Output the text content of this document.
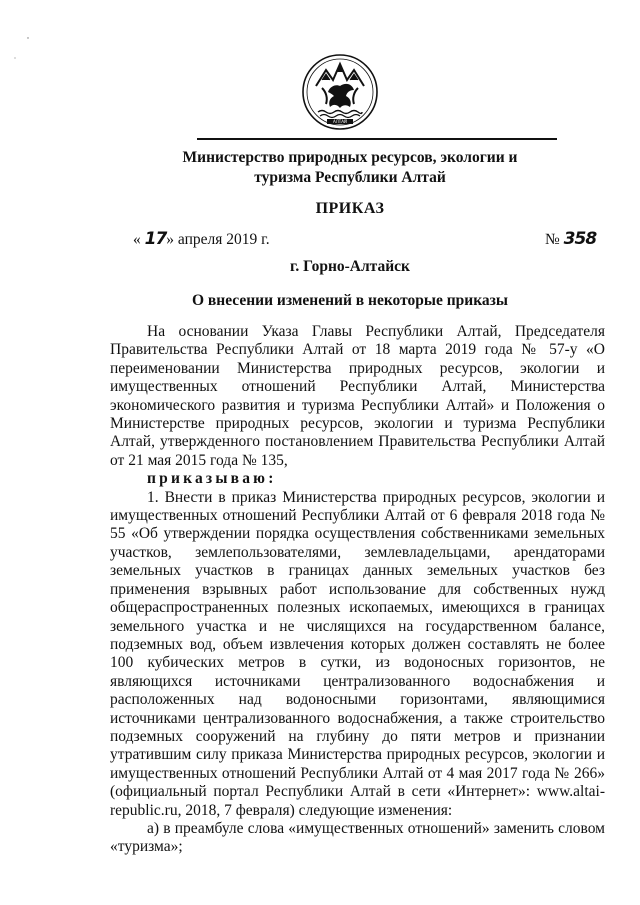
АЛТАЙ
Министерство природных ресурсов, экологии и
туризма Республики Алтай
ПРИКАЗ
« 17» апреля 2019 г.	№ 358
г. Горно-Алтайск
О внесении изменений в некоторые приказы

На основании Указа Главы Республики Алтай, Председателя Правительства Республики Алтай от 18 марта 2019 года № 57-у «О переименовании Министерства природных ресурсов, экологии и имущественных отношений Республики Алтай, Министерства экономического развития и туризма Республики Алтай» и Положения о Министерстве природных ресурсов, экологии и туризма Республики Алтай, утвержденного постановлением Правительства Республики Алтай от 21 мая 2015 года № 135,

приказываю:

1. Внести в приказ Министерства природных ресурсов, экологии и имущественных отношений Республики Алтай от 6 февраля 2018 года № 55 «Об утверждении порядка осуществления собственниками земельных участков, землепользователями, землевладельцами, арендаторами земельных участков в границах данных земельных участков без применения взрывных работ использование для собственных нужд общераспространенных полезных ископаемых, имеющихся в границах земельного участка и не числящихся на государственном балансе, подземных вод, объем извлечения которых должен составлять не более 100 кубических метров в сутки, из водоносных горизонтов, не являющихся источниками централизованного водоснабжения и расположенных над водоносными горизонтами, являющимися источниками централизованного водоснабжения, а также строительство подземных сооружений на глубину до пяти метров и признании утратившим силу приказа Министерства природных ресурсов, экологии и имущественных отношений Республики Алтай от 4 мая 2017 года № 266» (официальный портал Республики Алтай в сети «Интернет»: www.altai-republic.ru, 2018, 7 февраля) следующие изменения:

а) в преамбуле слова «имущественных отношений» заменить словом «туризма»;
